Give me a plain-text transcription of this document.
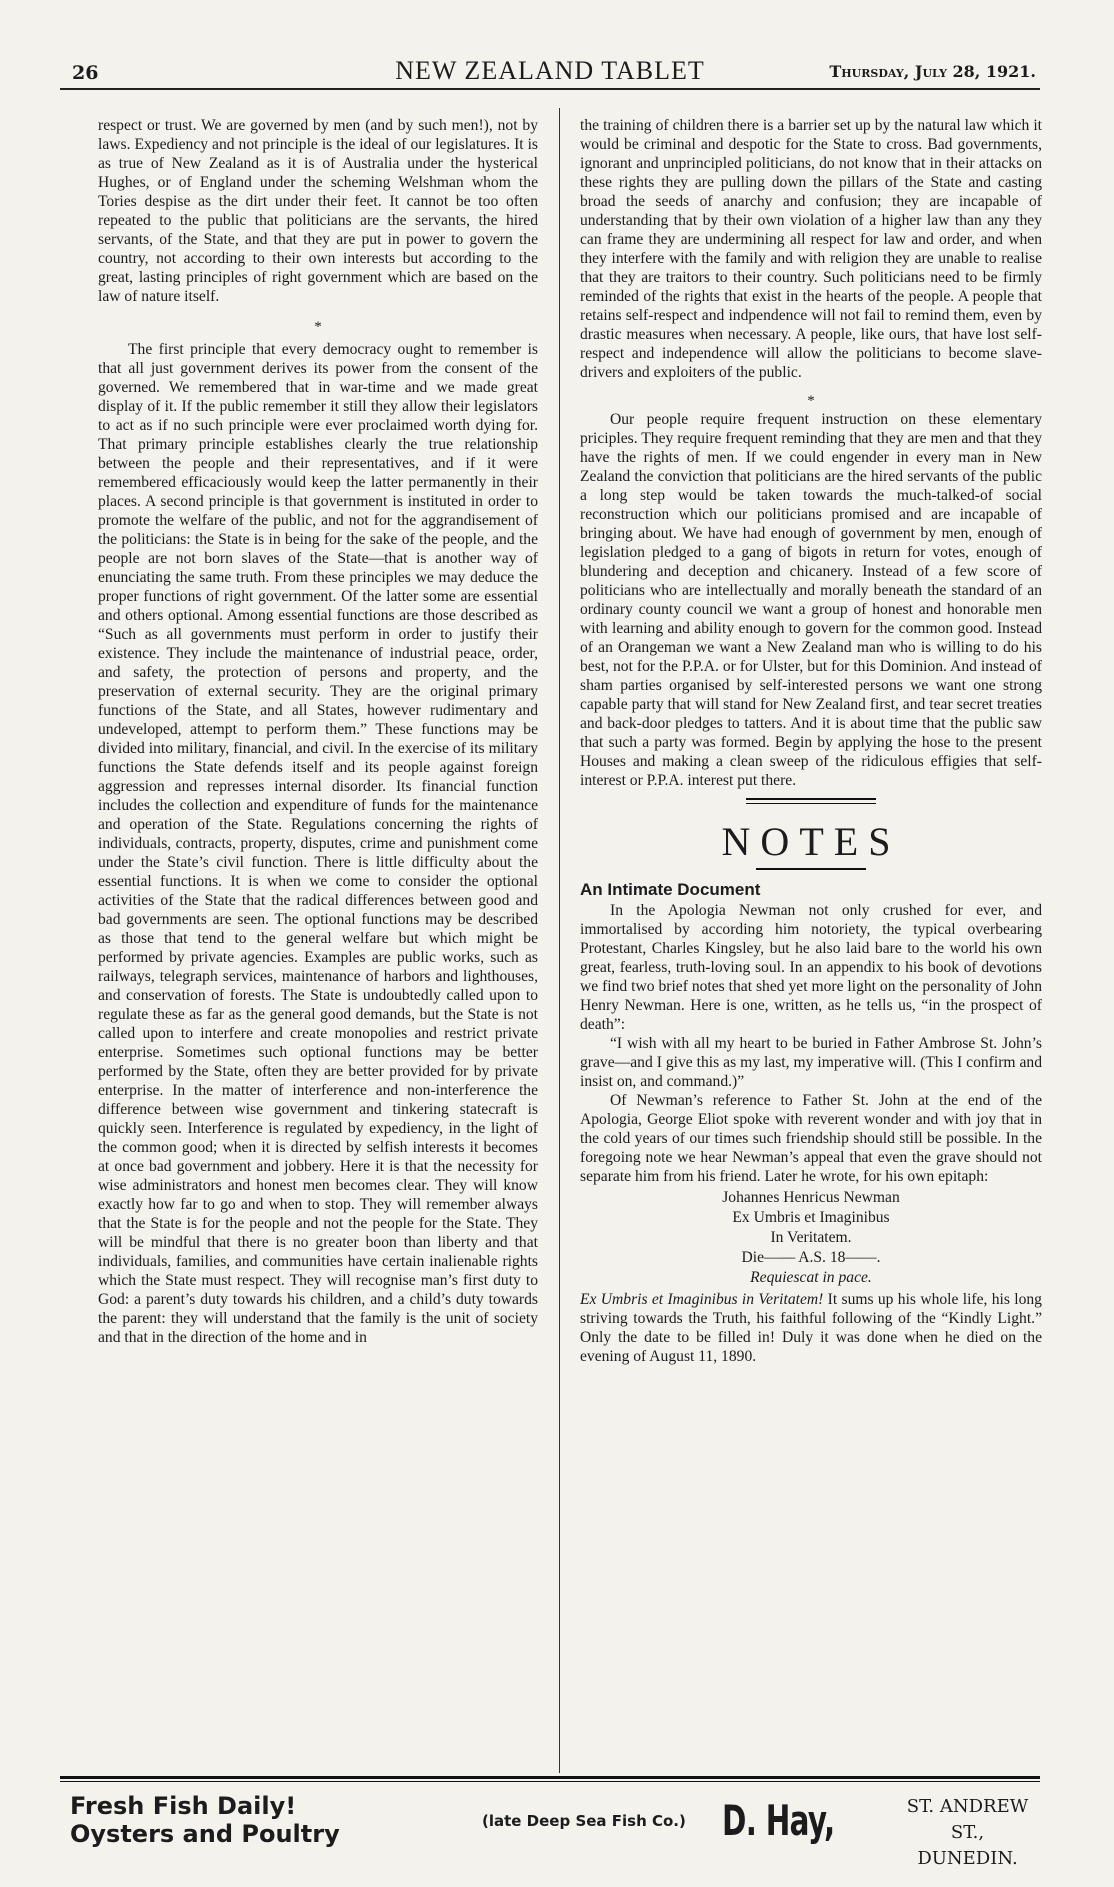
26	NEW ZEALAND TABLET	Thursday, July 28, 1921.

respect or trust. We are governed by men (and by such men!), not by laws. Expediency and not principle is the ideal of our legislatures. It is as true of New Zealand as it is of Australia under the hysterical Hughes, or of England under the scheming Welshman whom the Tories despise as the dirt under their feet. It cannot be too often repeated to the public that politicians are the servants, the hired servants, of the State, and that they are put in power to govern the country, not according to their own interests but according to the great, lasting principles of right government which are based on the law of nature itself.

*

The first principle that every democracy ought to remember is that all just government derives its power from the consent of the governed. We remembered that in war-time and we made great display of it. If the public remember it still they allow their legislators to act as if no such principle were ever proclaimed worth dying for. That primary principle establishes clearly the true relationship between the people and their representatives, and if it were remembered efficaciously would keep the latter permanently in their places. A second principle is that government is instituted in order to promote the welfare of the public, and not for the aggrandisement of the politicians: the State is in being for the sake of the people, and the people are not born slaves of the State—that is another way of enunciating the same truth. From these principles we may deduce the proper functions of right government. Of the latter some are essential and others optional. Among essential functions are those described as “Such as all governments must perform in order to justify their existence. They include the maintenance of industrial peace, order, and safety, the protection of persons and property, and the preservation of external security. They are the original primary functions of the State, and all States, however rudimentary and undeveloped, attempt to perform them.” These functions may be divided into military, financial, and civil. In the exercise of its military functions the State defends itself and its people against foreign aggression and represses internal disorder. Its financial function includes the collection and expenditure of funds for the maintenance and operation of the State. Regulations concerning the rights of individuals, contracts, property, disputes, crime and punishment come under the State’s civil function. There is little difficulty about the essential functions. It is when we come to consider the optional activities of the State that the radical differences between good and bad governments are seen. The optional functions may be described as those that tend to the general welfare but which might be performed by private agencies. Examples are public works, such as railways, telegraph services, maintenance of harbors and lighthouses, and conservation of forests. The State is undoubtedly called upon to regulate these as far as the general good demands, but the State is not called upon to interfere and create monopolies and restrict private enterprise. Sometimes such optional functions may be better performed by the State, often they are better provided for by private enterprise. In the matter of interference and non-interference the difference between wise government and tinkering statecraft is quickly seen. Interference is regulated by expediency, in the light of the common good; when it is directed by selfish interests it becomes at once bad government and jobbery. Here it is that the necessity for wise administrators and honest men becomes clear. They will know exactly how far to go and when to stop. They will remember always that the State is for the people and not the people for the State. They will be mindful that there is no greater boon than liberty and that individuals, families, and communities have certain inalienable rights which the State must respect. They will recognise man’s first duty to God: a parent’s duty towards his children, and a child’s duty towards the parent: they will understand that the family is the unit of society and that in the direction of the home and in

the training of children there is a barrier set up by the natural law which it would be criminal and despotic for the State to cross. Bad governments, ignorant and unprincipled politicians, do not know that in their attacks on these rights they are pulling down the pillars of the State and casting broad the seeds of anarchy and confusion; they are incapable of understanding that by their own violation of a higher law than any they can frame they are undermining all respect for law and order, and when they interfere with the family and with religion they are unable to realise that they are traitors to their country. Such politicians need to be firmly reminded of the rights that exist in the hearts of the people. A people that retains self-respect and indpendence will not fail to remind them, even by drastic measures when necessary. A people, like ours, that have lost self-respect and independence will allow the politicians to become slave-drivers and exploiters of the public.

*

Our people require frequent instruction on these elementary priciples. They require frequent reminding that they are men and that they have the rights of men. If we could engender in every man in New Zealand the conviction that politicians are the hired servants of the public a long step would be taken towards the much-talked-of social reconstruction which our politicians promised and are incapable of bringing about. We have had enough of government by men, enough of legislation pledged to a gang of bigots in return for votes, enough of blundering and deception and chicanery. Instead of a few score of politicians who are intellectually and morally beneath the standard of an ordinary county council we want a group of honest and honorable men with learning and ability enough to govern for the common good. Instead of an Orangeman we want a New Zealand man who is willing to do his best, not for the P.P.A. or for Ulster, but for this Dominion. And instead of sham parties organised by self-interested persons we want one strong capable party that will stand for New Zealand first, and tear secret treaties and back-door pledges to tatters. And it is about time that the public saw that such a party was formed. Begin by applying the hose to the present Houses and making a clean sweep of the ridiculous effigies that self-interest or P.P.A. interest put there.

NOTES
An Intimate Document

In the Apologia Newman not only crushed for ever, and immortalised by according him notoriety, the typical overbearing Protestant, Charles Kingsley, but he also laid bare to the world his own great, fearless, truth-loving soul. In an appendix to his book of devotions we find two brief notes that shed yet more light on the personality of John Henry Newman. Here is one, written, as he tells us, “in the prospect of death”:

“I wish with all my heart to be buried in Father Ambrose St. John’s grave—and I give this as my last, my imperative will. (This I confirm and insist on, and command.)”

Of Newman’s reference to Father St. John at the end of the Apologia, George Eliot spoke with reverent wonder and with joy that in the cold years of our times such friendship should still be possible. In the foregoing note we hear Newman’s appeal that even the grave should not separate him from his friend. Later he wrote, for his own epitaph:

Johannes Henricus Newman
Ex Umbris et Imaginibus
In Veritatem.
Die—— A.S. 18——.
Requiescat in pace.

Ex Umbris et Imaginibus in Veritatem! It sums up his whole life, his long striving towards the Truth, his faithful following of the “Kindly Light.” Only the date to be filled in! Duly it was done when he died on the evening of August 11, 1890.

Fresh Fish Daily!
Oysters and Poultry	(late Deep Sea Fish Co.) D. Hay,	ST. ANDREW ST.,
DUNEDIN.
